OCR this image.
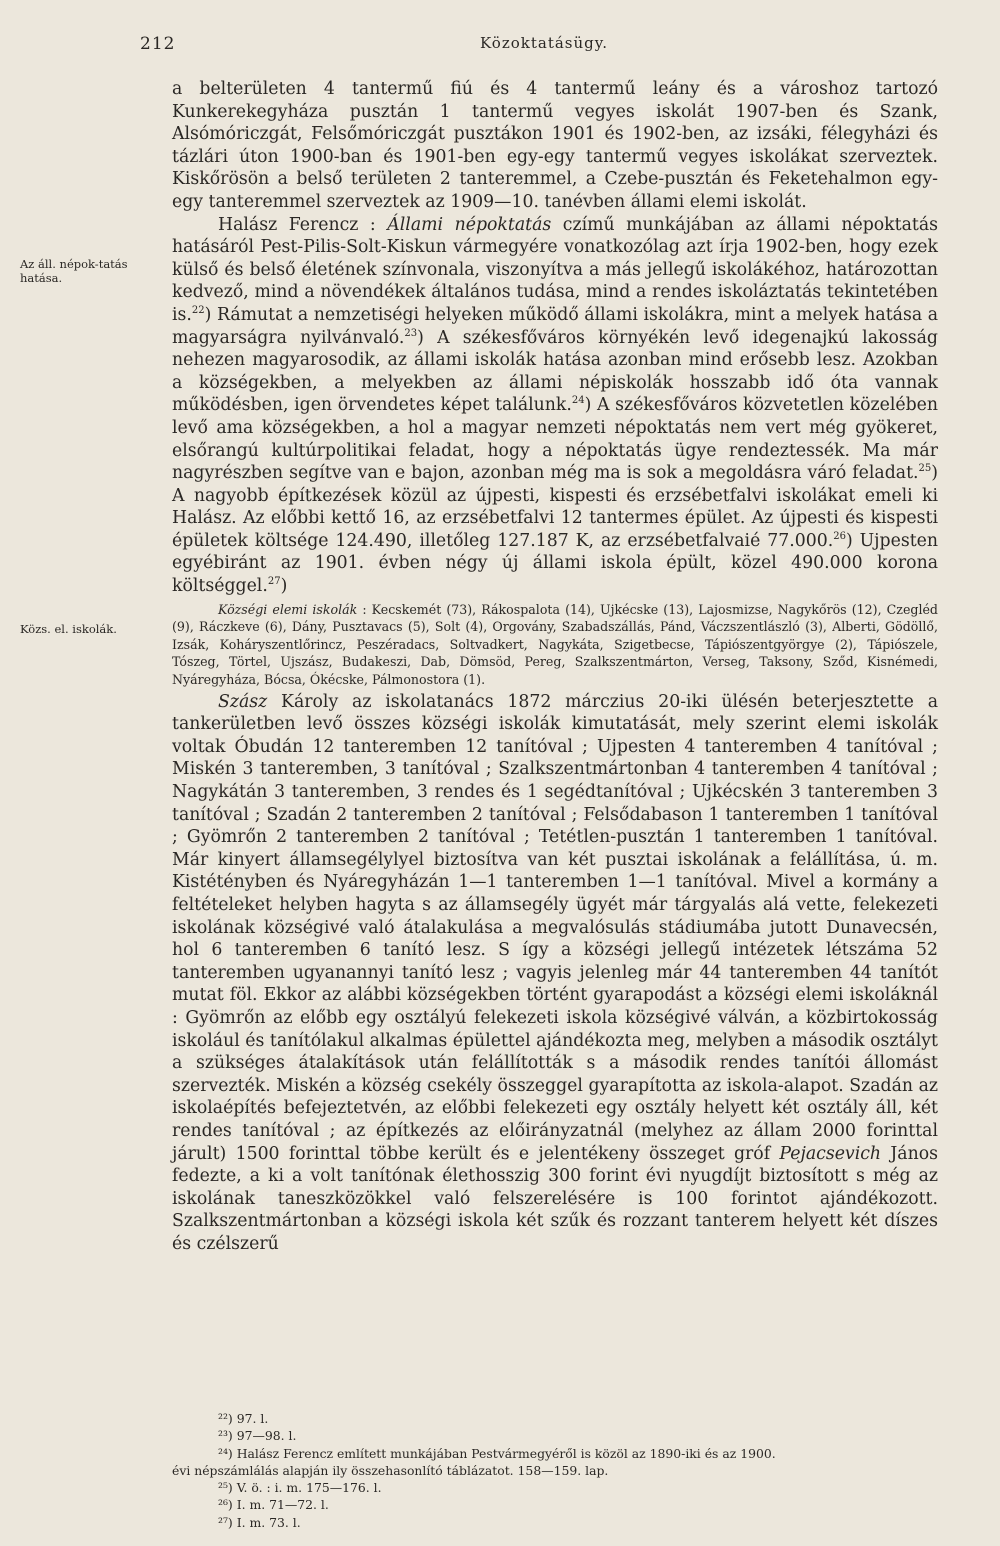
212	Közoktatásügy.
Az áll. népok-tatás hatása.
Közs. el. iskolák.

a belterületen 4 tantermű fiú és 4 tantermű leány és a városhoz tartozó Kunkerekegyháza pusztán 1 tantermű vegyes iskolát 1907-ben és Szank, Alsómóriczgát, Felsőmóriczgát pusztákon 1901 és 1902-ben, az izsáki, félegyházi és tázlári úton 1900-ban és 1901-ben egy-egy tantermű vegyes iskolákat szerveztek. Kiskőrösön a belső területen 2 tanteremmel, a Czebe-pusztán és Feketehalmon egy-egy tanteremmel szerveztek az 1909—10. tanévben állami elemi iskolát.

Halász Ferencz : Állami népoktatás czímű munkájában az állami népoktatás hatásáról Pest-Pilis-Solt-Kiskun vármegyére vonatkozólag azt írja 1902-ben, hogy ezek külső és belső életének színvonala, viszonyítva a más jellegű iskolákéhoz, határozottan kedvező, mind a növendékek általános tudása, mind a rendes iskoláztatás tekintetében is.$^{22}$) Rámutat a nemzetiségi helyeken működő állami iskolákra, mint a melyek hatása a magyarságra nyilvánvaló.$^{23}$) A székesfőváros környékén levő idegenajkú lakosság nehezen magyarosodik, az állami iskolák hatása azonban mind erősebb lesz. Azokban a községekben, a melyekben az állami népiskolák hosszabb idő óta vannak működésben, igen örvendetes képet találunk.$^{24}$) A székesfőváros közvetetlen közelében levő ama községekben, a hol a magyar nemzeti népoktatás nem vert még gyökeret, elsőrangú kultúrpolitikai feladat, hogy a népoktatás ügye rendeztessék. Ma már nagyrészben segítve van e bajon, azonban még ma is sok a megoldásra váró feladat.$^{25}$) A nagyobb építkezések közül az újpesti, kispesti és erzsébetfalvi iskolákat emeli ki Halász. Az előbbi kettő 16, az erzsébetfalvi 12 tantermes épület. Az újpesti és kispesti épületek költsége 124.490, illetőleg 127.187 K, az erzsébetfalvaié 77.000.26) Ujpesten egyébiránt az 1901. évben négy új állami iskola épült, közel 490.000 korona költséggel.$^{27}$)

Községi elemi iskolák : Kecskemét (73), Rákospalota (14), Ujkécske (13), Lajosmizse, Nagykőrös (12), Czegléd (9), Ráczkeve (6), Dány, Pusztavacs (5), Solt (4), Orgovány, Szabadszállás, Pánd, Váczszentlászló (3), Alberti, Gödöllő, Izsák, Koháryszentlőrincz, Peszéradacs, Soltvadkert, Nagykáta, Szigetbecse, Tápiószentgyörgye (2), Tápiószele, Tószeg, Törtel, Ujszász, Budakeszi, Dab, Dömsöd, Pereg, Szalkszentmárton, Verseg, Taksony, Sződ, Kisnémedi, Nyáregyháza, Bócsa, Ókécske, Pálmonostora (1).

Szász Károly az iskolatanács 1872 márczius 20-iki ülésén beterjesztette a tankerületben levő összes községi iskolák kimutatását, mely szerint elemi iskolák voltak Óbudán 12 tanteremben 12 tanítóval ; Ujpesten 4 tanteremben 4 tanítóval ; Miskén 3 tanteremben, 3 tanítóval ; Szalkszentmártonban 4 tanteremben 4 tanítóval ; Nagykátán 3 tanteremben, 3 rendes és 1 segédtanítóval ; Ujkécskén 3 tanteremben 3 tanítóval ; Szadán 2 tanteremben 2 tanítóval ; Felsődabason 1 tanteremben 1 tanítóval ; Gyömrőn 2 tanteremben 2 tanítóval ; Tetétlen-pusztán 1 tanteremben 1 tanítóval. Már kinyert államsegélylyel biztosítva van két pusztai iskolának a felállítása, ú. m. Kistétényben és Nyáregyházán 1—1 tanteremben 1—1 tanítóval. Mivel a kormány a feltételeket helyben hagyta s az államsegély ügyét már tárgyalás alá vette, felekezeti iskolának községivé való átalakulása a megvalósulás stádiumába jutott Dunavecsén, hol 6 tanteremben 6 tanító lesz. S így a községi jellegű intézetek létszáma 52 tanteremben ugyanannyi tanító lesz ; vagyis jelenleg már 44 tanteremben 44 tanítót mutat föl. Ekkor az alábbi községekben történt gyarapodást a községi elemi iskoláknál : Gyömrőn az előbb egy osztályú felekezeti iskola községivé válván, a közbirtokosság iskolául és tanítólakul alkalmas épülettel ajándékozta meg, melyben a második osztályt a szükséges átalakítások után felállították s a második rendes tanítói állomást szervezték. Miskén a község csekély összeggel gyarapította az iskola-alapot. Szadán az iskolaépítés befejeztetvén, az előbbi felekezeti egy osztály helyett két osztály áll, két rendes tanítóval ; az építkezés az előirányzatnál (melyhez az állam 2000 forinttal járult) 1500 forinttal többe került és e jelentékeny összeget gróf Pejacsevich János fedezte, a ki a volt tanítónak élethosszig 300 forint évi nyugdíjt biztosított s még az iskolának taneszközökkel való felszerelésére is 100 forintot ajándékozott. Szalkszentmártonban a községi iskola két szűk és rozzant tanterem helyett két díszes és czélszerű

²²) 97. l.
²³) 97—98. l.
²⁴) Halász Ferencz említett munkájában Pestvármegyéről is közöl az 1890-iki és az 1900.
évi népszámlálás alapján ily összehasonlító táblázatot. 158—159. lap.
²⁵) V. ö. : i. m. 175—176. l.
²⁶) I. m. 71—72. l.
²⁷) I. m. 73. l.
